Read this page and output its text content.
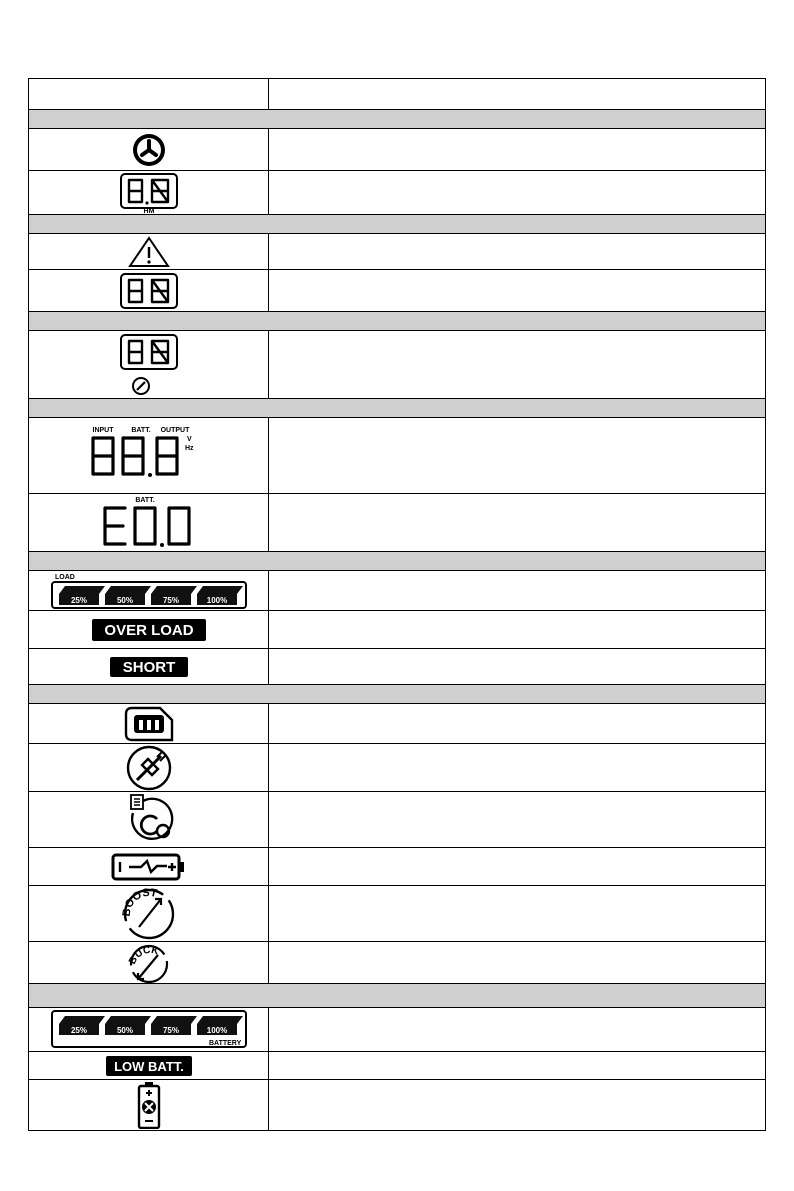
HM
INPUT	BATT. OUTPUT
V
Hz
BATT.
LOAD
25%	50%	75%	100%
OVER LOAD
SHORT
BOOST
BUCK
25%	50%	75%	100%
BATTERY
LOW BATT.
